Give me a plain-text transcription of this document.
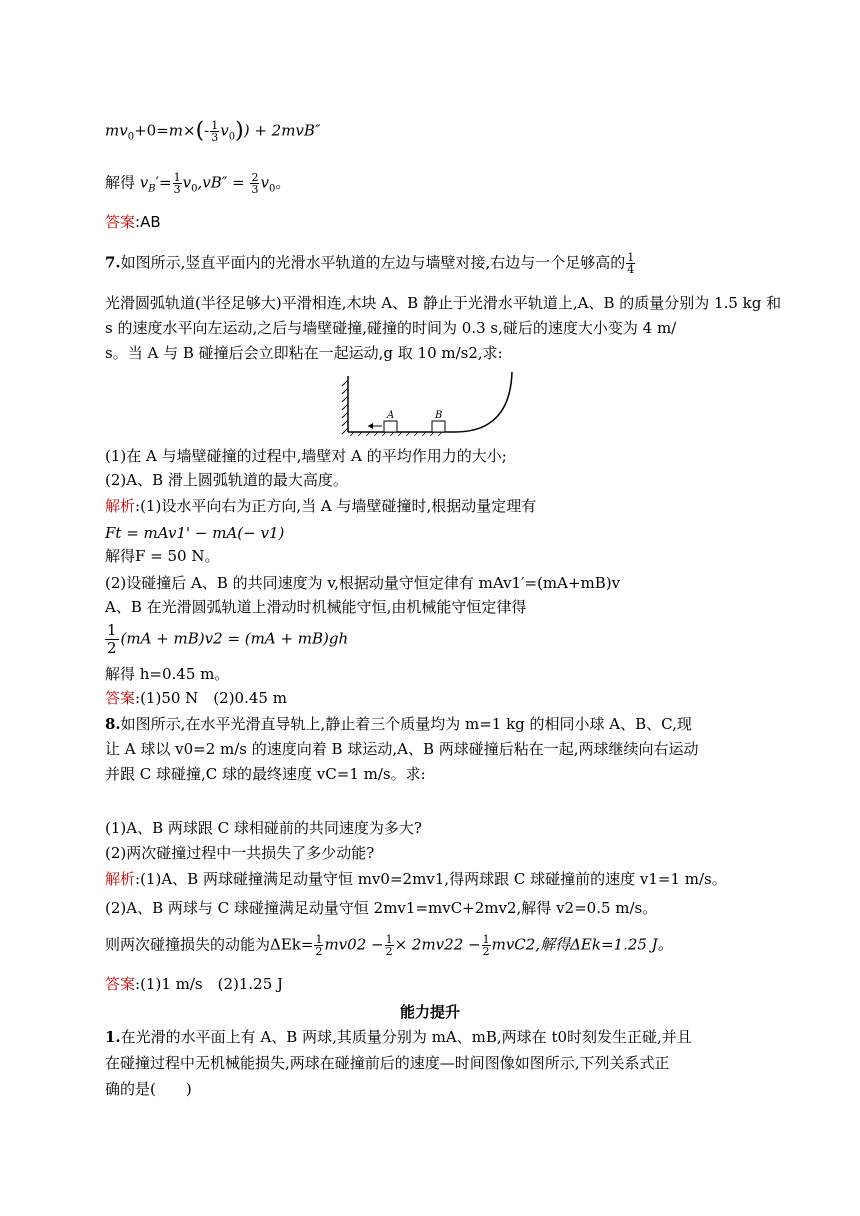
$mv_0+0=m\times(- \frac{1}{3} v_0)) + 2mvB''$
解得 $v_B'= \frac{1}{3} v_0,vB'' = \frac{2}{3} v_0$。
答案:AB
7.如图所示,竖直平面内的光滑水平轨道的左边与墙壁对接,右边与一个足够高的 $\frac{1}{4}$
光滑圆弧轨道(半径足够大)平滑相连,木块 A、B 静止于光滑水平轨道上,A、B 的质量分别为 1.5 kg 和
s 的速度水平向左运动,之后与墙壁碰撞,碰撞的时间为 0.3 s,碰后的速度大小变为 4 m/
s。当 A 与 B 碰撞后会立即粘在一起运动,g 取 10 m/s2,求:
A	B
(1)在 A 与墙壁碰撞的过程中,墙壁对 A 的平均作用力的大小;
(2)A、B 滑上圆弧轨道的最大高度。
解析:(1)设水平向右为正方向,当 A 与墙壁碰撞时,根据动量定理有
Ft = mAv1' − mA(− v1)
解得F = 50 N。
(2)设碰撞后 A、B 的共同速度为 v,根据动量守恒定律有 mAv1′=(mA+mB)v
A、B 在光滑圆弧轨道上滑动时机械能守恒,由机械能守恒定律得
$\frac{1}{2} (mA + mB)v2 = (mA + mB)gh$
解得 h=0.45 m。
答案:(1)50 N　(2)0.45 m
8.如图所示,在水平光滑直导轨上,静止着三个质量均为 m=1 kg 的相同小球 A、B、C,现
让 A 球以 v0=2 m/s 的速度向着 B 球运动,A、B 两球碰撞后粘在一起,两球继续向右运动
并跟 C 球碰撞,C 球的最终速度 vC=1 m/s。求:
(1)A、B 两球跟 C 球相碰前的共同速度为多大?
(2)两次碰撞过程中一共损失了多少动能?
解析:(1)A、B 两球碰撞满足动量守恒 mv0=2mv1,得两球跟 C 球碰撞前的速度 v1=1 m/s。
(2)A、B 两球与 C 球碰撞满足动量守恒 2mv1=mvC+2mv2,解得 v2=0.5 m/s。
则两次碰撞损失的动能为$\Delta Ek= \frac{1}{2} mv02 - \frac{1}{2} \times 2mv22 - \frac{1}{2} mvC2$,解得ΔEk=1.25 J。
答案:(1)1 m/s　(2)1.25 J
能力提升
1.在光滑的水平面上有 A、B 两球,其质量分别为 mA、mB,两球在 t0时刻发生正碰,并且
在碰撞过程中无机械能损失,两球在碰撞前后的速度—时间图像如图所示,下列关系式正
确的是(　　)
